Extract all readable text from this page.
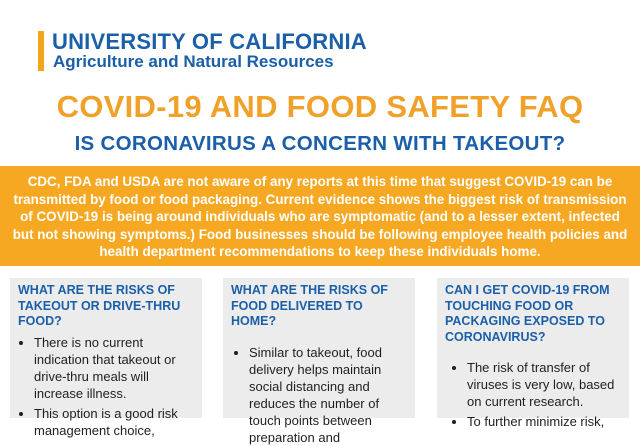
UNIVERSITY OF CALIFORNIA
Agriculture and Natural Resources
COVID-19 AND FOOD SAFETY FAQ
IS CORONAVIRUS A CONCERN WITH TAKEOUT?
CDC, FDA and USDA are not aware of any reports at this time that suggest COVID-19 can be transmitted by food or food packaging. Current evidence shows the biggest risk of transmission of COVID-19 is being around individuals who are symptomatic (and to a lesser extent, infected but not showing symptoms.) Food businesses should be following employee health policies and health department recommendations to keep these individuals home.
WHAT ARE THE RISKS OF TAKEOUT OR DRIVE-THRU FOOD?
• There is no current indication that takeout or drive-thru meals will increase illness.
• This option is a good risk management choice,
WHAT ARE THE RISKS OF FOOD DELIVERED TO HOME?
• Similar to takeout, food delivery helps maintain social distancing and reduces the number of touch points between preparation and
CAN I GET COVID-19 FROM TOUCHING FOOD OR PACKAGING EXPOSED TO CORONAVIRUS?
• The risk of transfer of viruses is very low, based on current research.
• To further minimize risk,
